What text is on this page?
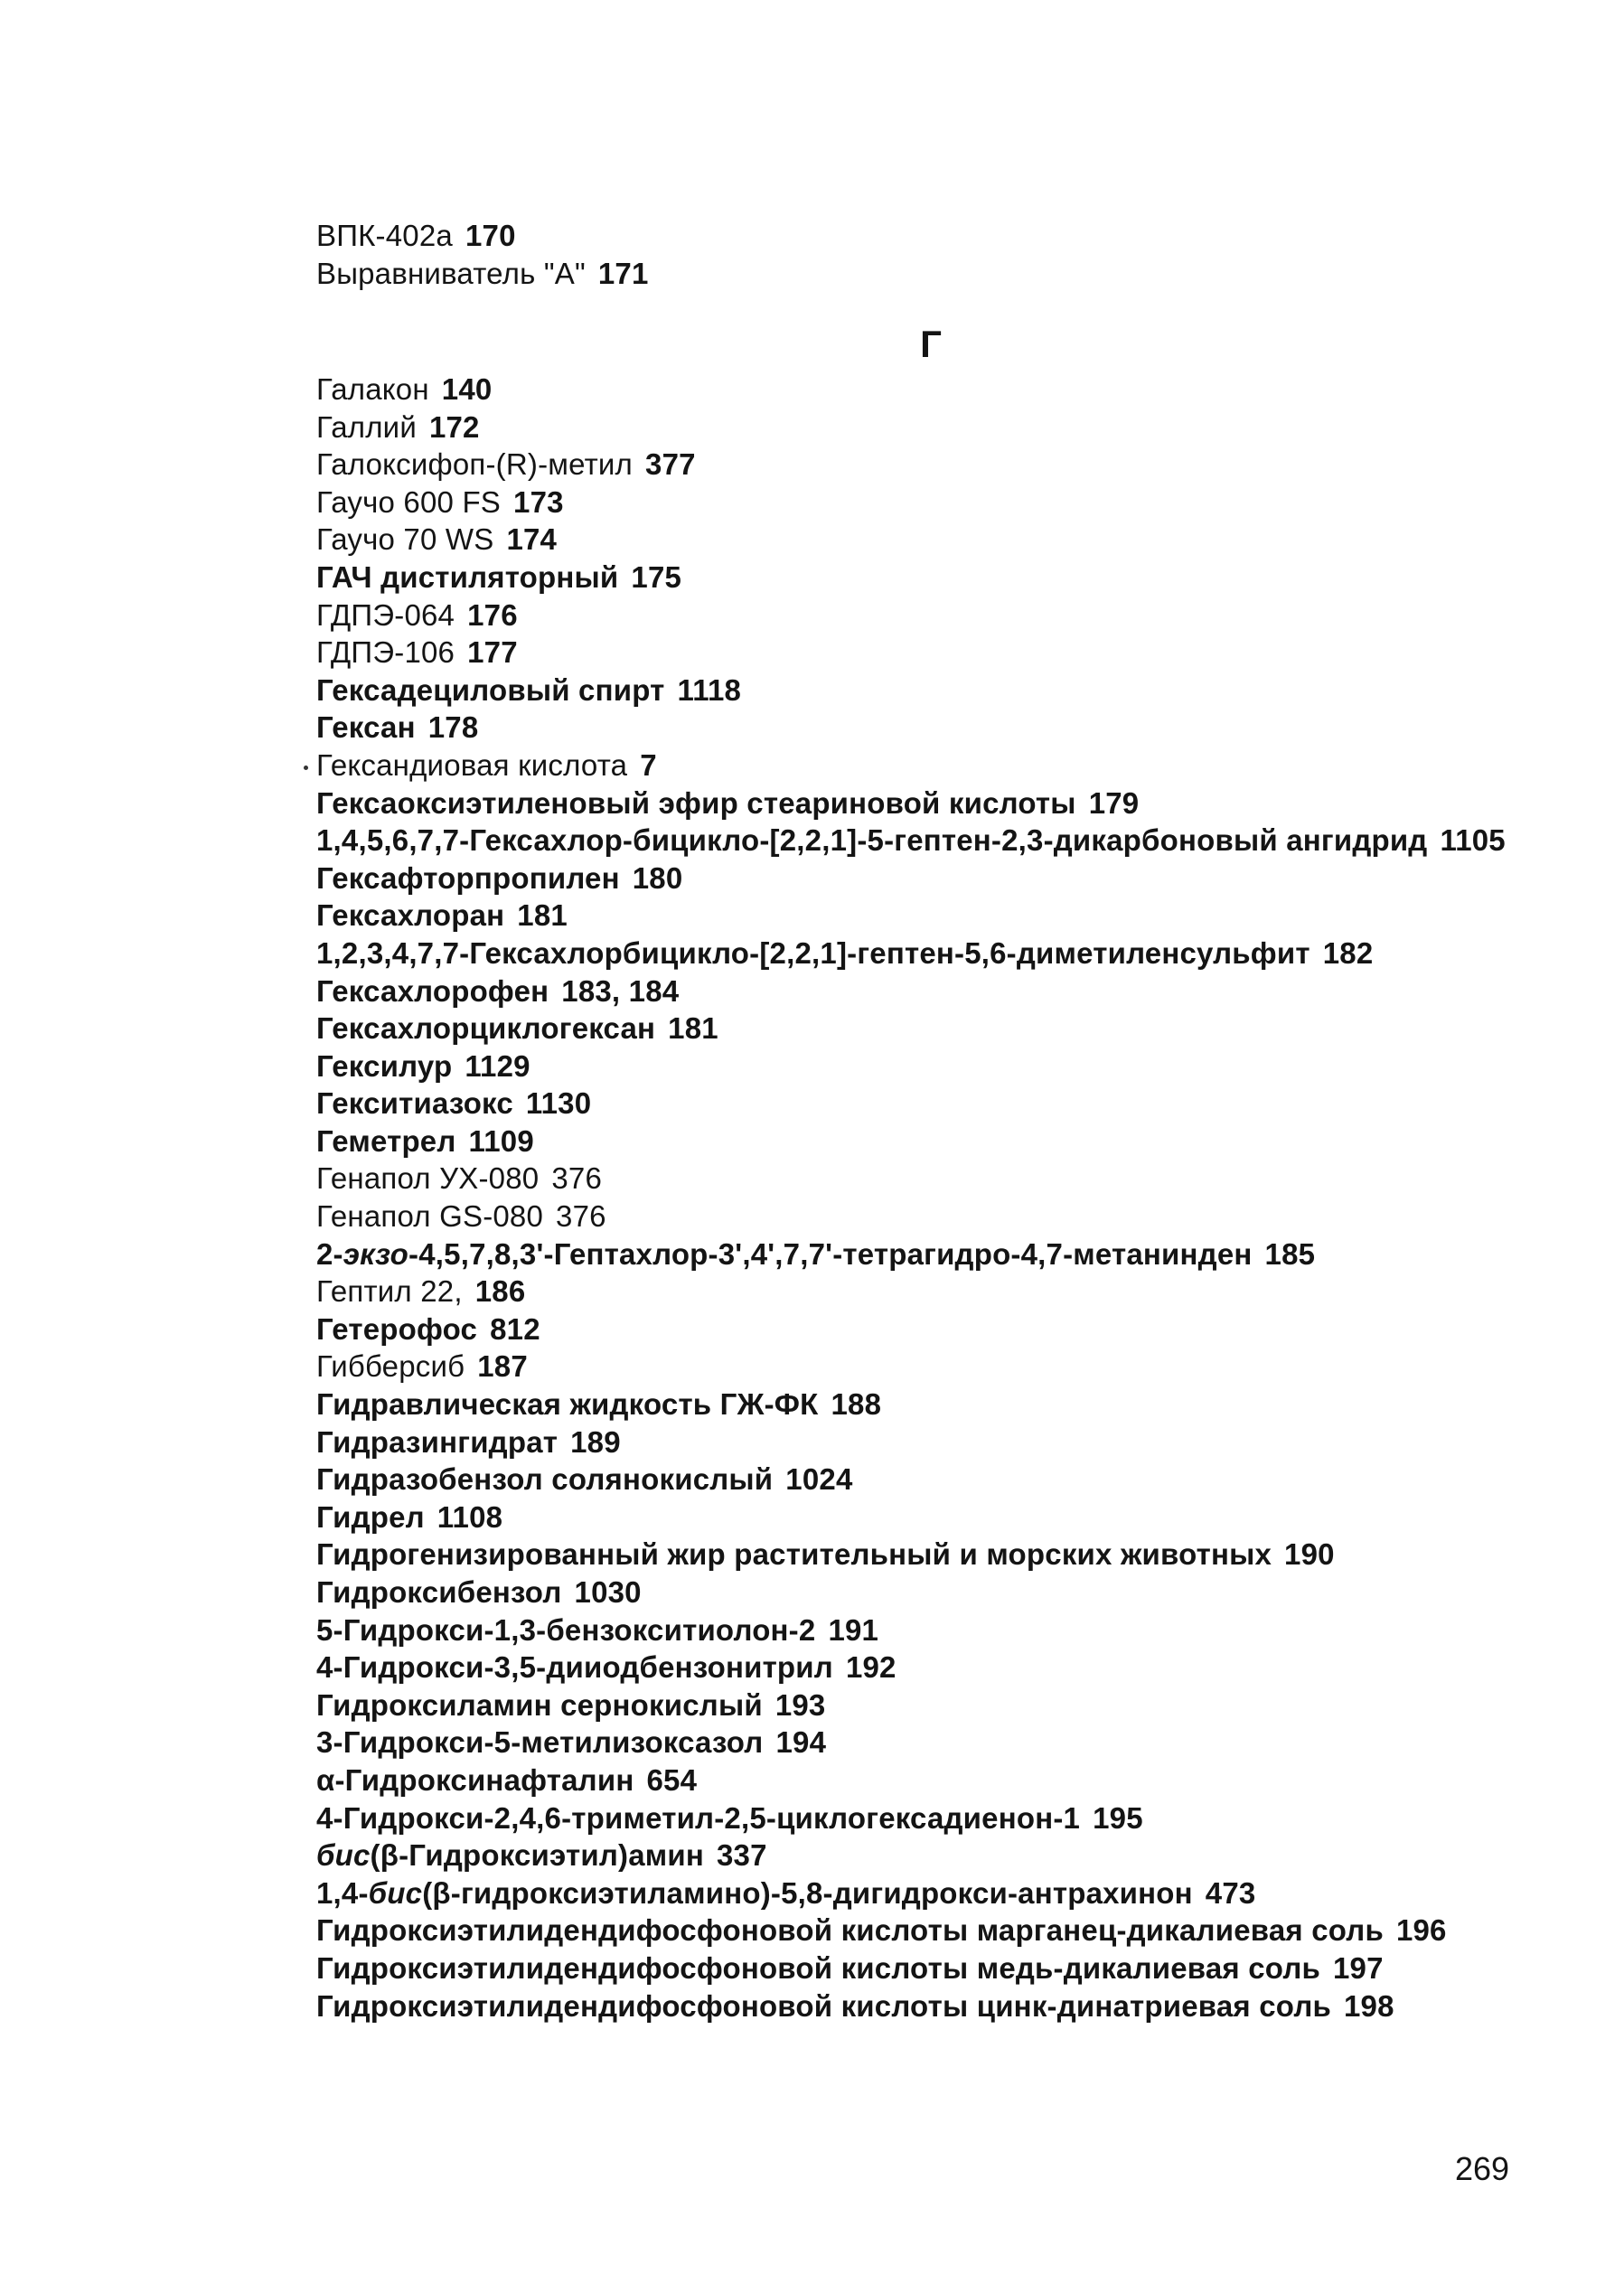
ВПК-402а 170
Выравниватель "А" 171
Г
Галакон 140
Галлий 172
Галоксифоп-(R)-метил 377
Гаучо 600 FS 173
Гаучо 70 WS 174
ГАЧ дистиляторный 175
ГДПЭ-064 176
ГДПЭ-106 177
Гексадециловый спирт 1118
Гексан 178
Гександиовая кислота 7
Гексаоксиэтиленовый эфир стеариновой кислоты 179
1,4,5,6,7,7-Гексахлор-бицикло-[2,2,1]-5-гептен-2,3-дикарбоновый ангидрид 1105
Гексафторпропилен 180
Гексахлоран 181
1,2,3,4,7,7-Гексахлорбицикло-[2,2,1]-гептен-5,6-диметиленсульфит 182
Гексахлорофен 183, 184
Гексахлорциклогексан 181
Гексилур 1129
Гекситиазокс 1130
Геметрел 1109
Генапол УХ-080 376
Генапол GS-080 376
2-экзо-4,5,7,8,3'-Гептахлор-3',4',7,7'-тетрагидро-4,7-метанинден 185
Гептил 22, 186
Гетерофос 812
Гибберсиб 187
Гидравлическая жидкость ГЖ-ФК 188
Гидразингидрат 189
Гидразобензол солянокислый 1024
Гидрел 1108
Гидрогенизированный жир растительный и морских животных 190
Гидроксибензол 1030
5-Гидрокси-1,3-бензокситиолон-2 191
4-Гидрокси-3,5-дииодбензонитрил 192
Гидроксиламин сернокислый 193
3-Гидрокси-5-метилизоксазол 194
α-Гидроксинафталин 654
4-Гидрокси-2,4,6-триметил-2,5-циклогексадиенон-1 195
бис(β-Гидроксиэтил)амин 337
1,4-бис(β-гидроксиэтиламино)-5,8-дигидрокси-антрахинон 473
Гидроксиэтилидендифосфоновой кислоты марганец-дикалиевая соль 196
Гидроксиэтилидендифосфоновой кислоты медь-дикалиевая соль 197
Гидроксиэтилидендифосфоновой кислоты цинк-динатриевая соль 198
269
